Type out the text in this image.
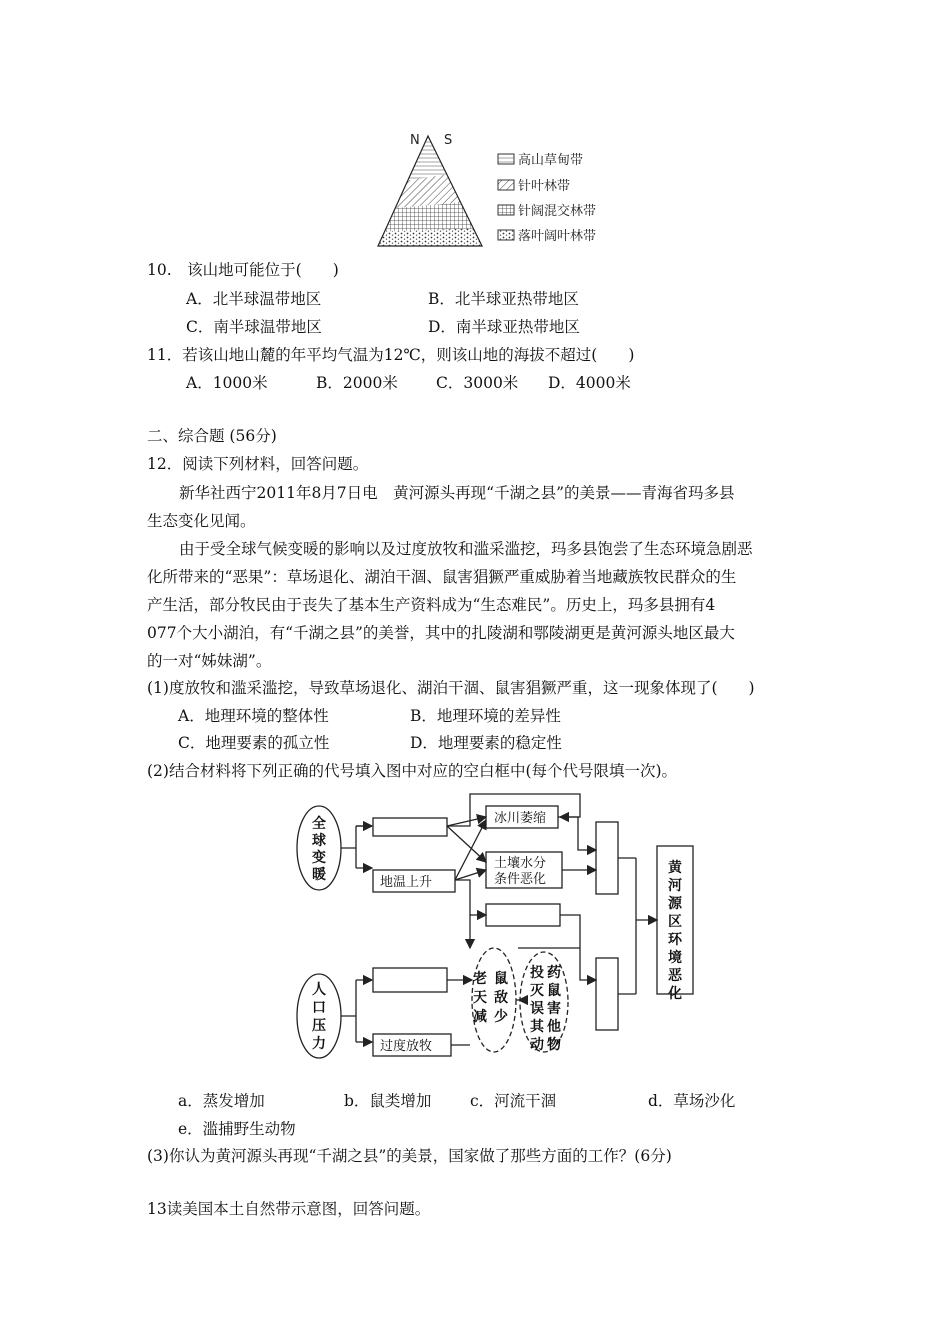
N S
高山草甸带
针叶林带
针阔混交林带
落叶阔叶林带
10.　该山地可能位于(　　)
A．北半球温带地区	B．北半球亚热带地区
C．南半球温带地区	D．南半球亚热带地区
11．若该山地山麓的年平均气温为12℃，则该山地的海拔不超过(　　)
A．1000米	B．2000米 C．3000米 D．4000米
二、综合题 (56分)
12．阅读下列材料，回答问题。
新华社西宁2011年8月7日电　黄河源头再现“千湖之县”的美景——青海省玛多县
生态变化见闻。
由于受全球气候变暖的影响以及过度放牧和滥采滥挖，玛多县饱尝了生态环境急剧恶
化所带来的“恶果”：草场退化、湖泊干涸、鼠害猖獗严重威胁着当地藏族牧民群众的生
产生活，部分牧民由于丧失了基本生产资料成为“生态难民”。历史上，玛多县拥有4
077个大小湖泊，有“千湖之县”的美誉，其中的扎陵湖和鄂陵湖更是黄河源头地区最大
的一对“姊妹湖”。
(1)度放牧和滥采滥挖，导致草场退化、湖泊干涸、鼠害猖獗严重，这一现象体现了(　　)
A．地理环境的整体性	B．地理环境的差异性
C．地理要素的孤立性	D．地理要素的稳定性
(2)结合材料将下列正确的代号填入图中对应的空白框中(每个代号限填一次)。
全
球
变
暖
人
口
压
力
冰川萎缩
土壤水分
条件恶化
地温上升
过度放牧
老 鼠
天 敌
减 少
投 药
灭 鼠
误 害
其 他
动 物
黄
河
源
区
环
境
恶
化
a．蒸发增加	b．鼠类增加 c．河流干涸	d．草场沙化
e．滥捕野生动物
(3)你认为黄河源头再现“千湖之县”的美景，国家做了那些方面的工作？(6分)
13读美国本土自然带示意图，回答问题。
